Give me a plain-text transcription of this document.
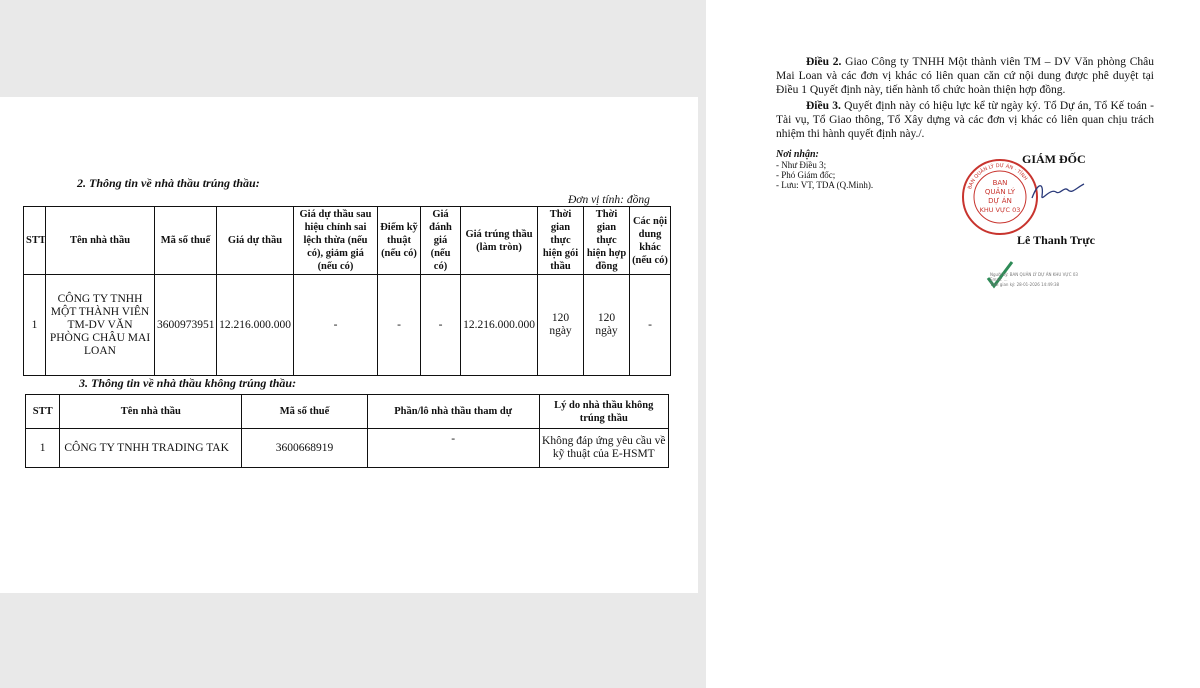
2. Thông tin về nhà thầu trúng thầu:
Đơn vị tính: đồng
STT	Tên nhà thầu	Mã số thuế	Giá dự thầu	Giá dự thầu sau hiệu chỉnh sai lệch thừa (nếu có), giảm giá (nếu có)	Điểm kỹ thuật (nếu có)	Giá đánh giá (nếu có)	Giá trúng thầu (làm tròn)	Thời gian thực hiện gói thầu	Thời gian thực hiện hợp đồng	Các nội dung khác (nếu có)
1	CÔNG TY TNHH MỘT THÀNH VIÊN TM-DV VĂN PHÒNG CHÂU MAI LOAN	3600973951	12.216.000.000	-	-	-	12.216.000.000	120 ngày	120 ngày	-
3. Thông tin về nhà thầu không trúng thầu:
STT	Tên nhà thầu	Mã số thuế	Phần/lô nhà thầu tham dự	Lý do nhà thầu không trúng thầu
1	CÔNG TY TNHH TRADING TAK	3600668919	-	Không đáp ứng yêu cầu về kỹ thuật của E-HSMT
Điều 2. Giao Công ty TNHH Một thành viên TM – DV Văn phòng Châu Mai Loan và các đơn vị khác có liên quan căn cứ nội dung được phê duyệt tại Điều 1 Quyết định này, tiến hành tổ chức hoàn thiện hợp đồng.
Điều 3. Quyết định này có hiệu lực kể từ ngày ký. Tổ Dự án, Tổ Kế toán - Tài vụ, Tổ Giao thông, Tổ Xây dựng và các đơn vị khác có liên quan chịu trách nhiệm thi hành quyết định này./.
Nơi nhận:
- Như Điều 3;
- Phó Giám đốc;
- Lưu: VT, TDA (Q.Minh).
GIÁM ĐỐC
BAN QUẢN LÝ DỰ ÁN · TỈNH
BAN
QUẢN LÝ
DỰ ÁN
KHU VỰC 03
Lê Thanh Trực
Người ký: BAN QUẢN LÝ DỰ ÁN KHU VỰC 03
Email: ...
Thời gian ký: 28-01-2026 14:49:38
